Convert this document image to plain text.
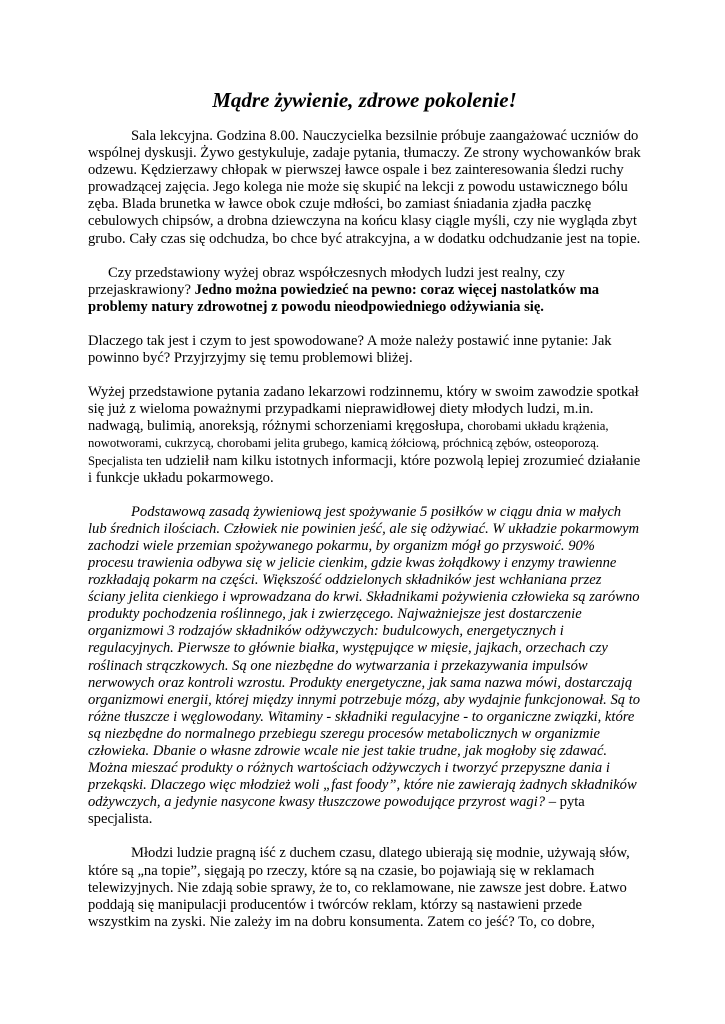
Mądre żywienie, zdrowe pokolenie!

Sala lekcyjna. Godzina 8.00. Nauczycielka bezsilnie próbuje zaangażować uczniów do wspólnej dyskusji. Żywo gestykuluje, zadaje pytania, tłumaczy. Ze strony wychowanków brak odzewu. Kędzierzawy chłopak w pierwszej ławce ospale i bez zainteresowania śledzi ruchy prowadzącej zajęcia. Jego kolega nie może się skupić na lekcji z powodu ustawicznego bólu zęba. Blada brunetka w ławce obok czuje mdłości, bo zamiast śniadania zjadła paczkę cebulowych chipsów, a drobna dziewczyna na końcu klasy ciągle myśli, czy nie wygląda zbyt grubo. Cały czas się odchudza, bo chce być atrakcyjna, a w dodatku odchudzanie jest na topie.

Czy przedstawiony wyżej obraz współczesnych młodych ludzi jest realny, czy przejaskrawiony? Jedno można powiedzieć na pewno: coraz więcej nastolatków ma problemy natury zdrowotnej z powodu nieodpowiedniego odżywiania się.

Dlaczego tak jest i czym to jest spowodowane? A może należy postawić inne pytanie: Jak powinno być? Przyjrzyjmy się temu problemowi bliżej.

Wyżej przedstawione pytania zadano lekarzowi rodzinnemu, który w swoim zawodzie spotkał się już z wieloma poważnymi przypadkami nieprawidłowej diety młodych ludzi, m.in. nadwagą, bulimią, anoreksją, różnymi schorzeniami kręgosłupa, chorobami układu krążenia, nowotworami, cukrzycą, chorobami jelita grubego, kamicą żółciową, próchnicą zębów, osteoporozą. Specjalista ten udzielił nam kilku istotnych informacji, które pozwolą lepiej zrozumieć działanie i funkcje układu pokarmowego.

Podstawową zasadą żywieniową jest spożywanie 5 posiłków w ciągu dnia w małych lub średnich ilościach. Człowiek nie powinien jeść, ale się odżywiać. W układzie pokarmowym zachodzi wiele przemian spożywanego pokarmu, by organizm mógł go przyswoić. 90% procesu trawienia odbywa się w jelicie cienkim, gdzie kwas żołądkowy i enzymy trawienne rozkładają pokarm na części. Większość oddzielonych składników jest wchłaniana przez ściany jelita cienkiego i wprowadzana do krwi. Składnikami pożywienia człowieka są zarówno produkty pochodzenia roślinnego, jak i zwierzęcego. Najważniejsze jest dostarczenie organizmowi 3 rodzajów składników odżywczych: budulcowych, energetycznych i regulacyjnych. Pierwsze to głównie białka, występujące w mięsie, jajkach, orzechach czy roślinach strączkowych. Są one niezbędne do wytwarzania i przekazywania impulsów nerwowych oraz kontroli wzrostu. Produkty energetyczne, jak sama nazwa mówi, dostarczają organizmowi energii, której między innymi potrzebuje mózg, aby wydajnie funkcjonował. Są to różne tłuszcze i węglowodany. Witaminy - składniki regulacyjne - to organiczne związki, które są niezbędne do normalnego przebiegu szeregu procesów metabolicznych w organizmie człowieka. Dbanie o własne zdrowie wcale nie jest takie trudne, jak mogłoby się zdawać. Można mieszać produkty o różnych wartościach odżywczych i tworzyć przepyszne dania i przekąski. Dlaczego więc młodzież woli „fast foody”, które nie zawierają żadnych składników odżywczych, a jedynie nasycone kwasy tłuszczowe powodujące przyrost wagi? – pyta specjalista.

Młodzi ludzie pragną iść z duchem czasu, dlatego ubierają się modnie, używają słów, które są „na topie”, sięgają po rzeczy, które są na czasie, bo pojawiają się w reklamach telewizyjnych. Nie zdają sobie sprawy, że to, co reklamowane, nie zawsze jest dobre. Łatwo poddają się manipulacji producentów i twórców reklam, którzy są nastawieni przede wszystkim na zyski. Nie zależy im na dobru konsumenta. Zatem co jeść? To, co dobre,
